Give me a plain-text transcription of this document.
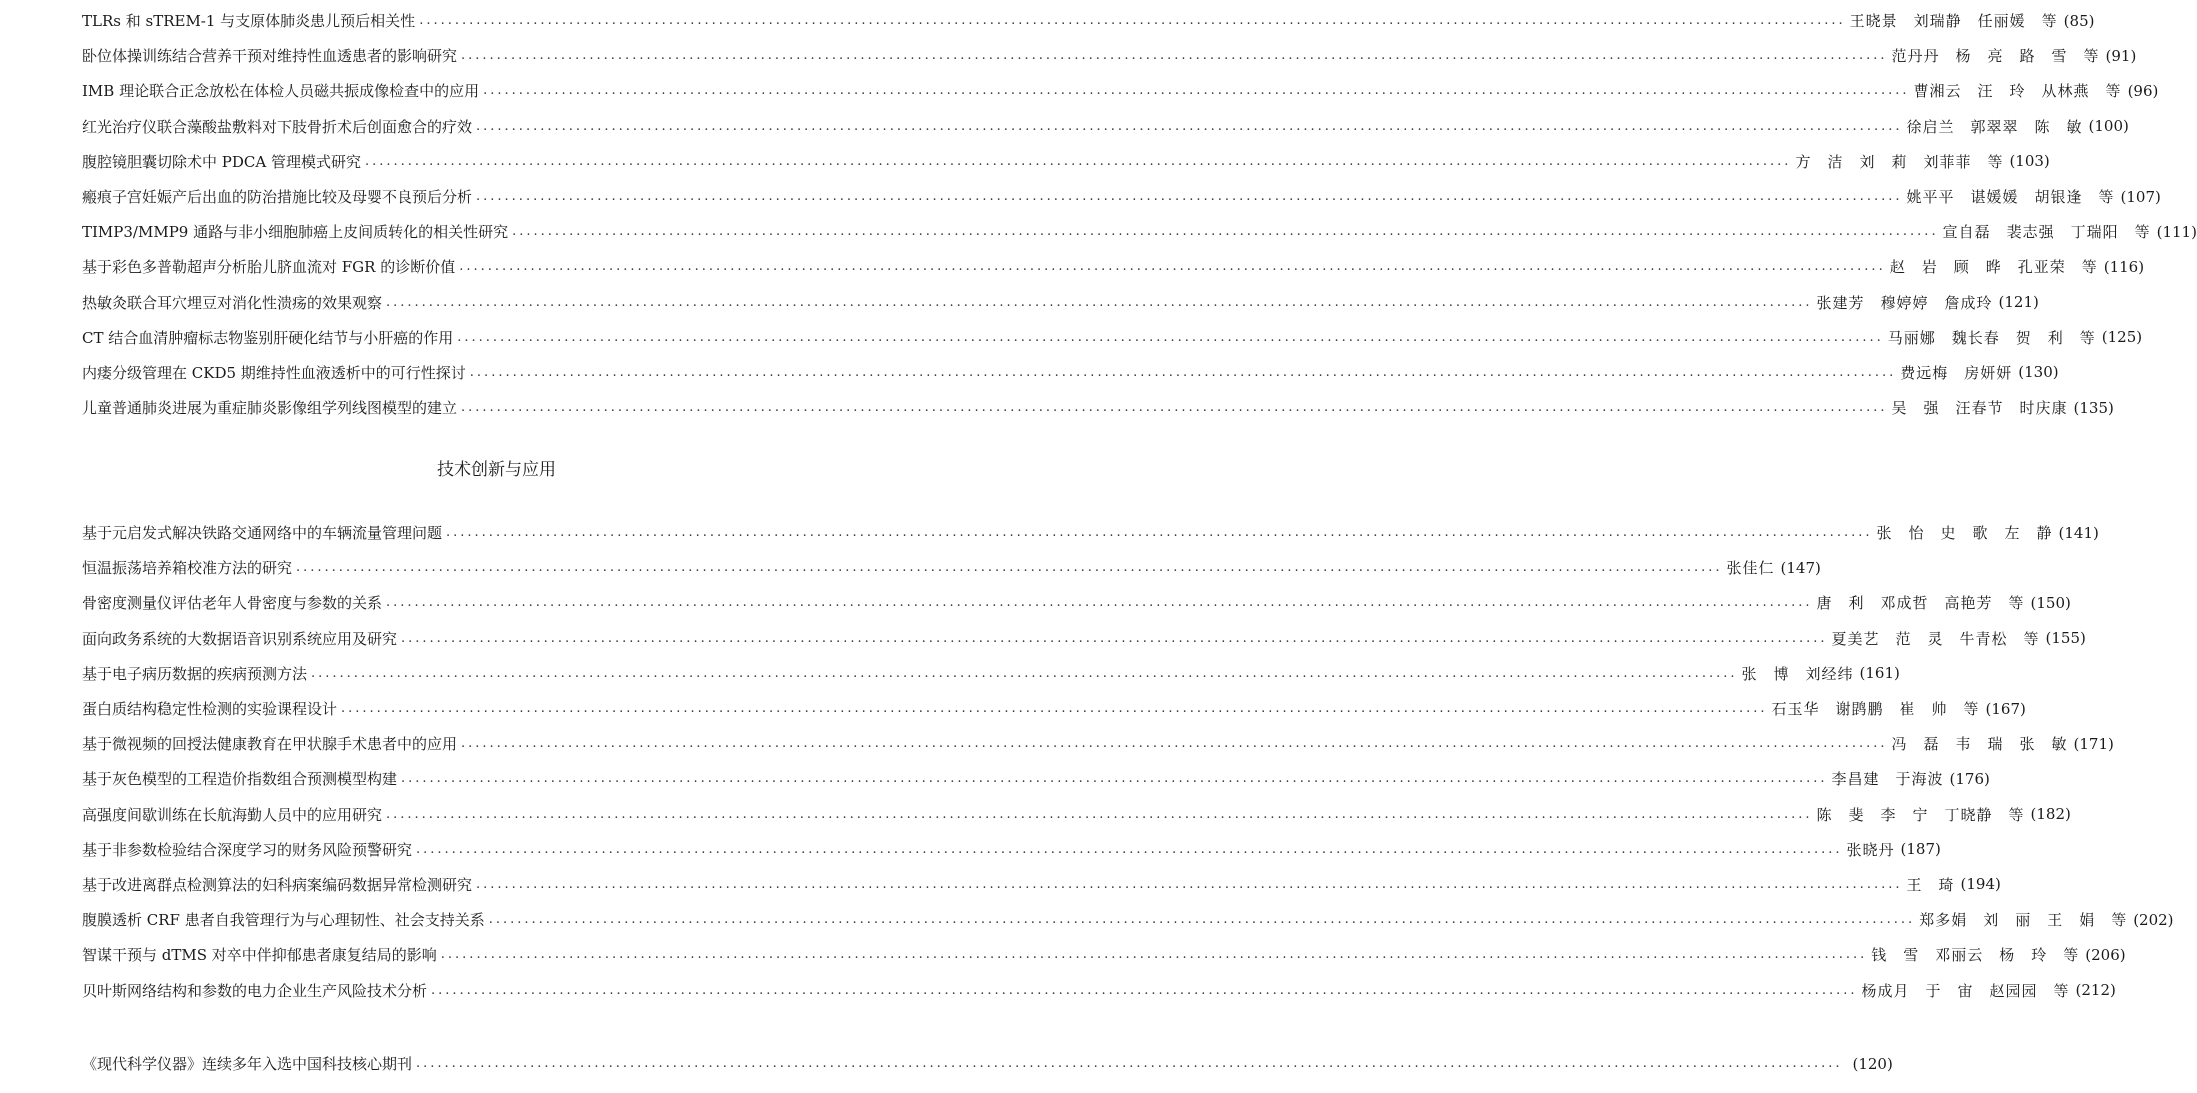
TLRs 和 sTREM-1 与支原体肺炎患儿预后相关性 ........................................................................................................................................................................................................ 王晓景　刘瑞静　任丽媛　等 (85)
卧位体操训练结合营养干预对维持性血透患者的影响研究 ........................................................................................................................................................................................................ 范丹丹　杨　亮　路　雪　等 (91)
IMB 理论联合正念放松在体检人员磁共振成像检查中的应用 ........................................................................................................................................................................................................ 曹湘云　汪　玲　从林燕　等 (96)
红光治疗仪联合藻酸盐敷料对下肢骨折术后创面愈合的疗效 ........................................................................................................................................................................................................ 徐启兰　郭翠翠　陈　敏 (100)
腹腔镜胆囊切除术中 PDCA 管理模式研究 ........................................................................................................................................................................................................ 方　洁　刘　莉　刘菲菲　等 (103)
瘢痕子宫妊娠产后出血的防治措施比较及母婴不良预后分析 ........................................................................................................................................................................................................ 姚平平　谌媛媛　胡银逢　等 (107)
TIMP3/MMP9 通路与非小细胞肺癌上皮间质转化的相关性研究 ........................................................................................................................................................................................................ 宣自磊　裴志强　丁瑞阳　等 (111)
基于彩色多普勒超声分析胎儿脐血流对 FGR 的诊断价值 ........................................................................................................................................................................................................ 赵　岩　顾　晔　孔亚荣　等 (116)
热敏灸联合耳穴埋豆对消化性溃疡的效果观察 ........................................................................................................................................................................................................ 张建芳　穆婷婷　詹成玲 (121)
CT 结合血清肿瘤标志物鉴别肝硬化结节与小肝癌的作用 ........................................................................................................................................................................................................ 马丽娜　魏长春　贺　利　等 (125)
内瘘分级管理在 CKD5 期维持性血液透析中的可行性探讨 ........................................................................................................................................................................................................ 费远梅　房妍妍 (130)
儿童普通肺炎进展为重症肺炎影像组学列线图模型的建立 ........................................................................................................................................................................................................ 吴　强　汪春节　时庆康 (135)
技术创新与应用
基于元启发式解决铁路交通网络中的车辆流量管理问题 ........................................................................................................................................................................................................ 张　怡　史　歌　左　静 (141)
恒温振荡培养箱校准方法的研究 ........................................................................................................................................................................................................ 张佳仁 (147)
骨密度测量仪评估老年人骨密度与参数的关系 ........................................................................................................................................................................................................ 唐　利　邓成哲　高艳芳　等 (150)
面向政务系统的大数据语音识别系统应用及研究 ........................................................................................................................................................................................................ 夏美艺　范　灵　牛青松　等 (155)
基于电子病历数据的疾病预测方法 ........................................................................................................................................................................................................ 张　博　刘经纬 (161)
蛋白质结构稳定性检测的实验课程设计 ........................................................................................................................................................................................................ 石玉华　谢鹍鹏　崔　帅　等 (167)
基于微视频的回授法健康教育在甲状腺手术患者中的应用 ........................................................................................................................................................................................................ 冯　磊　韦　瑞　张　敏 (171)
基于灰色模型的工程造价指数组合预测模型构建 ........................................................................................................................................................................................................ 李昌建　于海波 (176)
高强度间歇训练在长航海勤人员中的应用研究 ........................................................................................................................................................................................................ 陈　斐　李　宁　丁晓静　等 (182)
基于非参数检验结合深度学习的财务风险预警研究 ........................................................................................................................................................................................................ 张晓丹 (187)
基于改进离群点检测算法的妇科病案编码数据异常检测研究 ........................................................................................................................................................................................................ 王　琦 (194)
腹膜透析 CRF 患者自我管理行为与心理韧性、社会支持关系 ........................................................................................................................................................................................................ 郑多娟　刘　丽　王　娟　等 (202)
智谋干预与 dTMS 对卒中伴抑郁患者康复结局的影响 ........................................................................................................................................................................................................ 钱　雪　邓丽云　杨　玲　等 (206)
贝叶斯网络结构和参数的电力企业生产风险技术分析 ........................................................................................................................................................................................................ 杨成月　于　宙　赵园园　等 (212)
《现代科学仪器》连续多年入选中国科技核心期刊 ........................................................................................................................................................................................................ (120)
